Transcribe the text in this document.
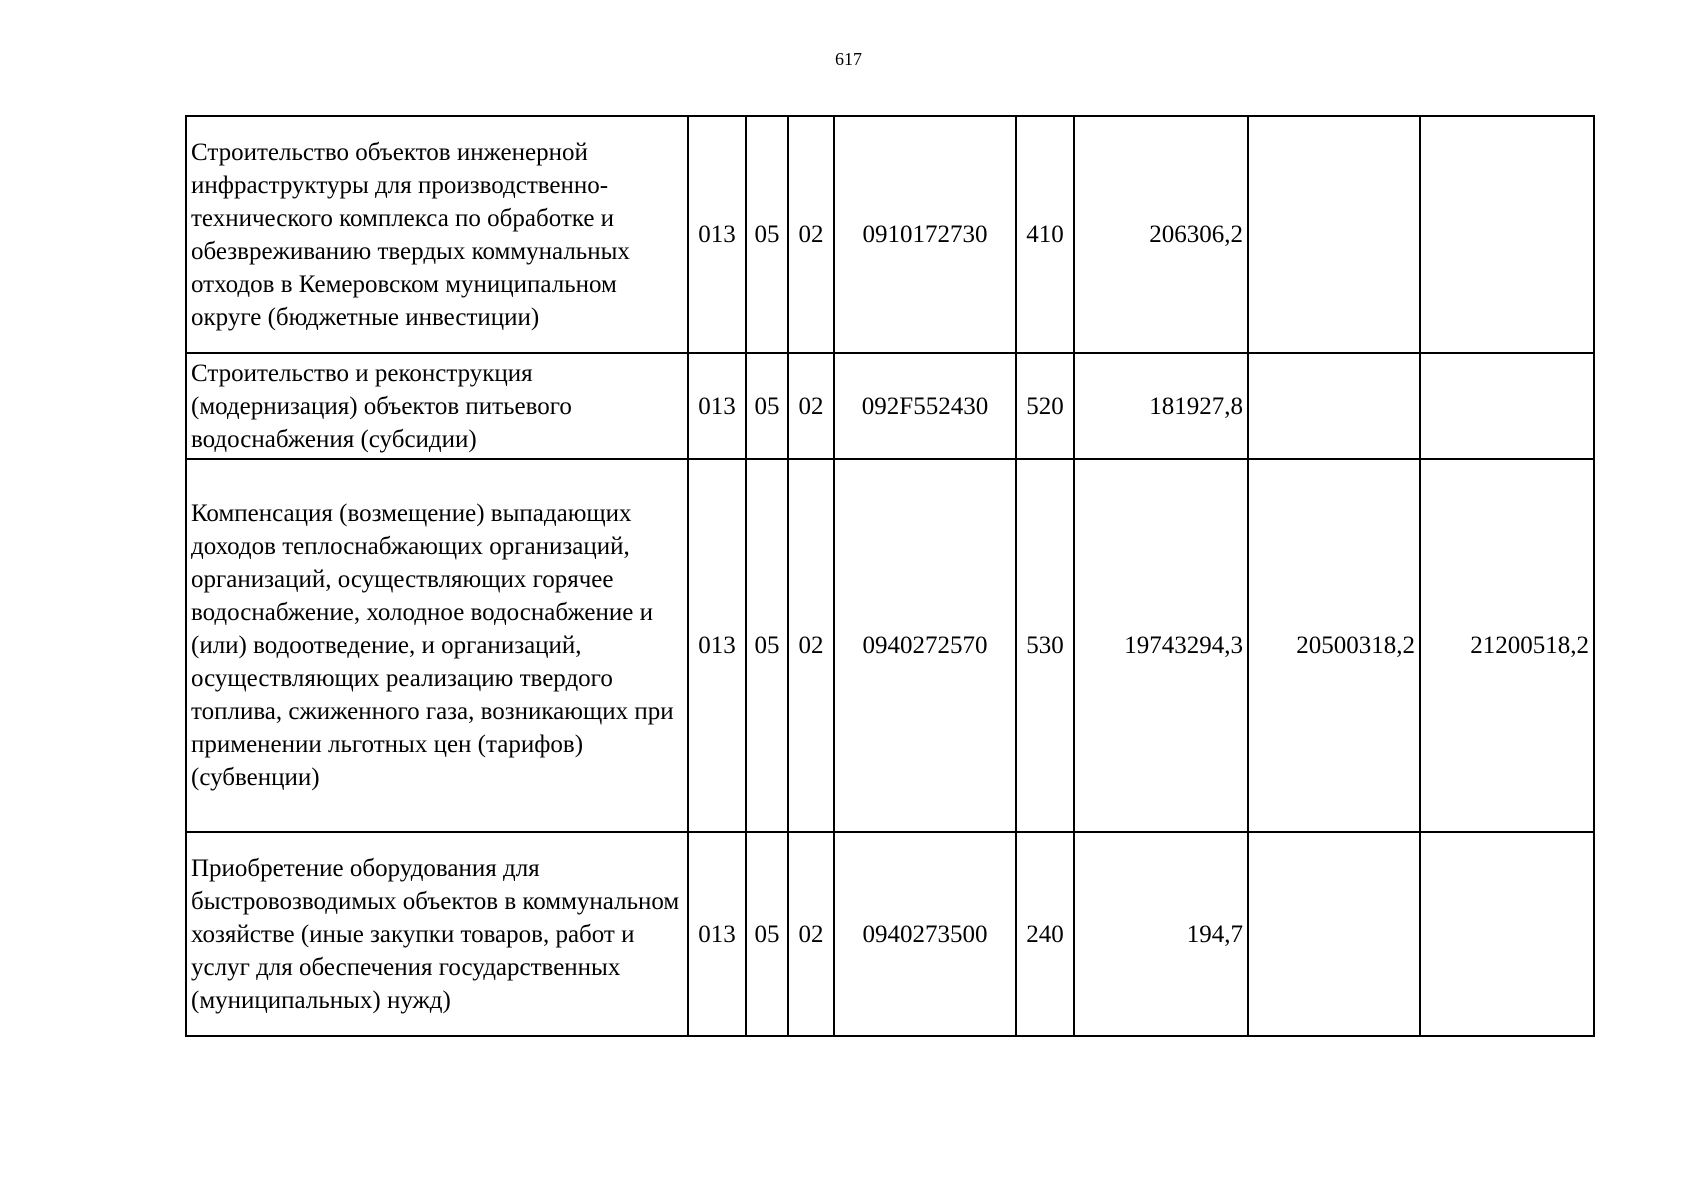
617
Строительство объектов инженерной инфраструктуры для производственно-технического комплекса по обработке и обезвреживанию твердых коммунальных отходов в Кемеровском муниципальном округе (бюджетные инвестиции)	013	05	02	0910172730	410	206306,2		
Строительство и реконструкция (модернизация) объектов питьевого водоснабжения (субсидии)	013	05	02	092F552430	520	181927,8		
Компенсация (возмещение) выпадающих доходов теплоснабжающих организаций, организаций, осуществляющих горячее водоснабжение, холодное водоснабжение и (или) водоотведение, и организаций, осуществляющих реализацию твердого топлива, сжиженного газа, возникающих при применении льготных цен (тарифов) (субвенции)	013	05	02	0940272570	530	19743294,3	20500318,2	21200518,2
Приобретение оборудования для быстровозводимых объектов в коммунальном хозяйстве (иные закупки товаров, работ и услуг для обеспечения государственных (муниципальных) нужд)	013	05	02	0940273500	240	194,7		
